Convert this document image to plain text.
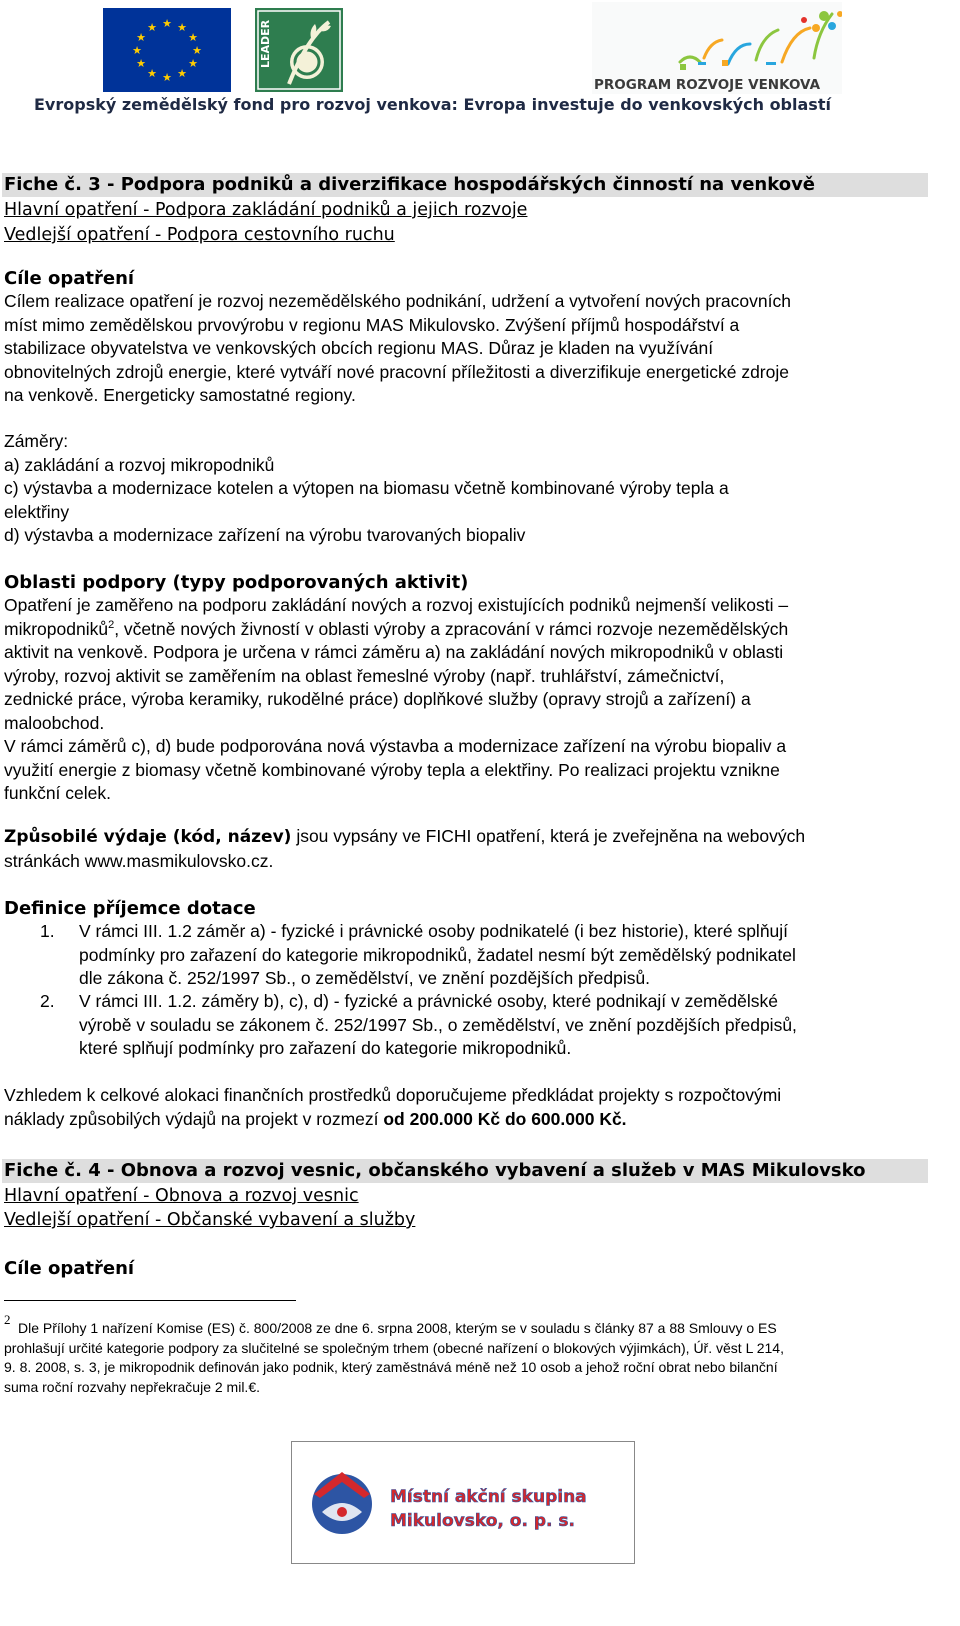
★ ★
★
★
★
★
★
★
★
★
★
★	LEADER
PROGRAM ROZVOJE VENKOVA
Evropský zemědělský fond pro rozvoj venkova: Evropa investuje do venkovských oblastí
Fiche č. 3 - Podpora podniků a diverzifikace hospodářských činností na venkově
Hlavní opatření - Podpora zakládání podniků a jejich rozvoje
Vedlejší opatření - Podpora cestovního ruchu
Cíle opatření

Cílem realizace opatření je rozvoj nezemědělského podnikání, udržení a vytvoření nových pracovních

míst mimo zemědělskou prvovýrobu v regionu MAS Mikulovsko. Zvýšení příjmů hospodářství a

stabilizace obyvatelstva ve venkovských obcích regionu MAS. Důraz je kladen na využívání

obnovitelných zdrojů energie, které vytváří nové pracovní příležitosti a diverzifikuje energetické zdroje

na venkově. Energeticky samostatné regiony.

Záměry:

a) zakládání a rozvoj mikropodniků

c) výstavba a modernizace kotelen a výtopen na biomasu včetně kombinované výroby tepla a

elektřiny

d) výstavba a modernizace zařízení na výrobu tvarovaných biopaliv

Oblasti podpory (typy podporovaných aktivit)

Opatření je zaměřeno na podporu zakládání nových a rozvoj existujících podniků nejmenší velikosti –

mikropodniků$^2$, včetně nových živností v oblasti výroby a zpracování v rámci rozvoje nezemědělských

aktivit na venkově. Podpora je určena v rámci záměru a) na zakládání nových mikropodniků v oblasti

výroby, rozvoj aktivit se zaměřením na oblast řemeslné výroby (např. truhlářství, zámečnictví,

zednické práce, výroba keramiky, rukodělné práce) doplňkové služby (opravy strojů a zařízení) a

maloobchod.

V rámci záměrů c), d) bude podporována nová výstavba a modernizace zařízení na výrobu biopaliv a

využití energie z biomasy včetně kombinované výroby tepla a elektřiny. Po realizaci projektu vznikne

funkční celek.

Způsobilé výdaje (kód, název) jsou vypsány ve FICHI opatření, která je zveřejněna na webových

stránkách www.masmikulovsko.cz.

Definice příjemce dotace
1. V rámci III. 1.2 záměr a) - fyzické i právnické osoby podnikatelé (i bez historie), které splňují

podmínky pro zařazení do kategorie mikropodniků, žadatel nesmí být zemědělský podnikatel

dle zákona č. 252/1997 Sb., o zemědělství, ve znění pozdějších předpisů.

2. V rámci III. 1.2. záměry b), c), d) - fyzické a právnické osoby, které podnikají v zemědělské

výrobě v souladu se zákonem č. 252/1997 Sb., o zemědělství, ve znění pozdějších předpisů,

které splňují podmínky pro zařazení do kategorie mikropodniků.

Vzhledem k celkové alokaci finančních prostředků doporučujeme předkládat projekty s rozpočtovými

náklady způsobilých výdajů na projekt v rozmezí od 200.000 Kč do 600.000 Kč.

Fiche č. 4 - Obnova a rozvoj vesnic, občanského vybavení a služeb v MAS Mikulovsko
Hlavní opatření - Obnova a rozvoj vesnic
Vedlejší opatření - Občanské vybavení a služby
Cíle opatření
2

Dle Přílohy 1 nařízení Komise (ES) č. 800/2008 ze dne 6. srpna 2008, kterým se v souladu s články 87 a 88 Smlouvy o ES

prohlašují určité kategorie podpory za slučitelné se společným trhem (obecné nařízení o blokových výjimkách), Úř. věst L 214,

9. 8. 2008, s. 3, je mikropodnik definován jako podnik, který zaměstnává méně než 10 osob a jehož roční obrat nebo bilanční

suma roční rozvahy nepřekračuje 2 mil.€.

Místní akční skupina
Mikulovsko, o. p. s.
